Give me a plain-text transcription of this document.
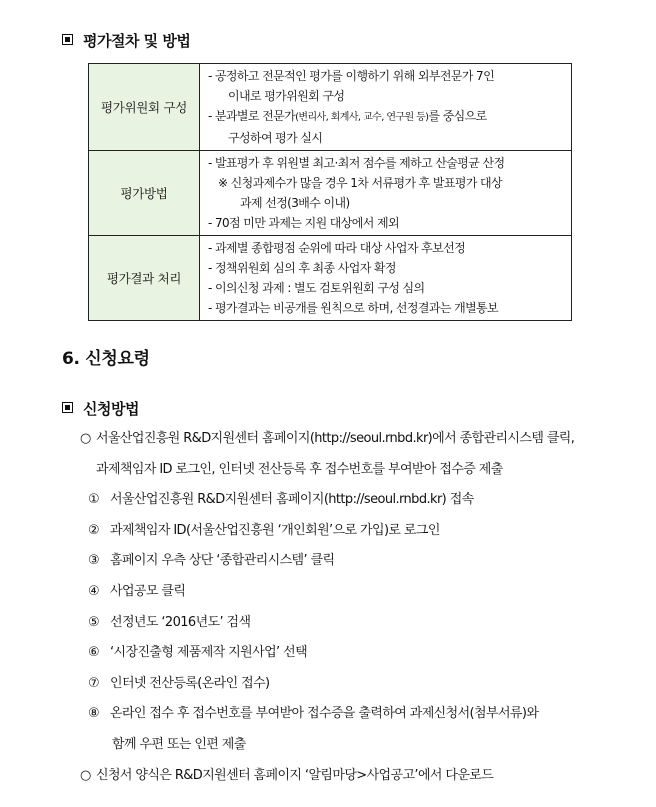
평가절차 및 방법
평가위원회 구성	- 공정하고 전문적인 평가를 이행하기 위해 외부전문가 7인
이내로 평가위원회 구성
- 분과별로 전문가(변리사, 회계사, 교수, 연구원 등)를 중심으로
구성하여 평가 실시

평가방법	- 발표평가 후 위원별 최고·최저 점수를 제하고 산술평균 산정
※ 신청과제수가 많을 경우 1차 서류평가 후 발표평가 대상
과제 선정(3배수 이내)
- 70점 미만 과제는 지원 대상에서 제외

평가결과 처리	- 과제별 종합평점 순위에 따라 대상 사업자 후보선정
- 정책위원회 심의 후 최종 사업자 확정
- 이의신청 과제 : 별도 검토위원회 구성 심의
- 평가결과는 비공개를 원칙으로 하며, 선정결과는 개별통보
6. 신청요령
신청방법
○ 서울산업진흥원 R&D지원센터 홈페이지(http://seoul.rnbd.kr)에서 종합관리시스템 클릭,
과제책임자 ID 로그인, 인터넷 전산등록 후 접수번호를 부여받아 접수증 제출
① 서울산업진흥원 R&D지원센터 홈페이지(http://seoul.rnbd.kr) 접속
② 과제책임자 ID(서울산업진흥원 ‘개인회원’으로 가입)로 로그인
③ 홈페이지 우측 상단 ‘종합관리시스템’ 클릭
④ 사업공모 클릭
⑤ 선정년도 ‘2016년도’ 검색
⑥ ‘시장진출형 제품제작 지원사업’ 선택
⑦ 인터넷 전산등록(온라인 접수)
⑧ 온라인 접수 후 접수번호를 부여받아 접수증을 출력하여 과제신청서(첨부서류)와
함께 우편 또는 인편 제출
○ 신청서 양식은 R&D지원센터 홈페이지 ‘알림마당>사업공고’에서 다운로드
